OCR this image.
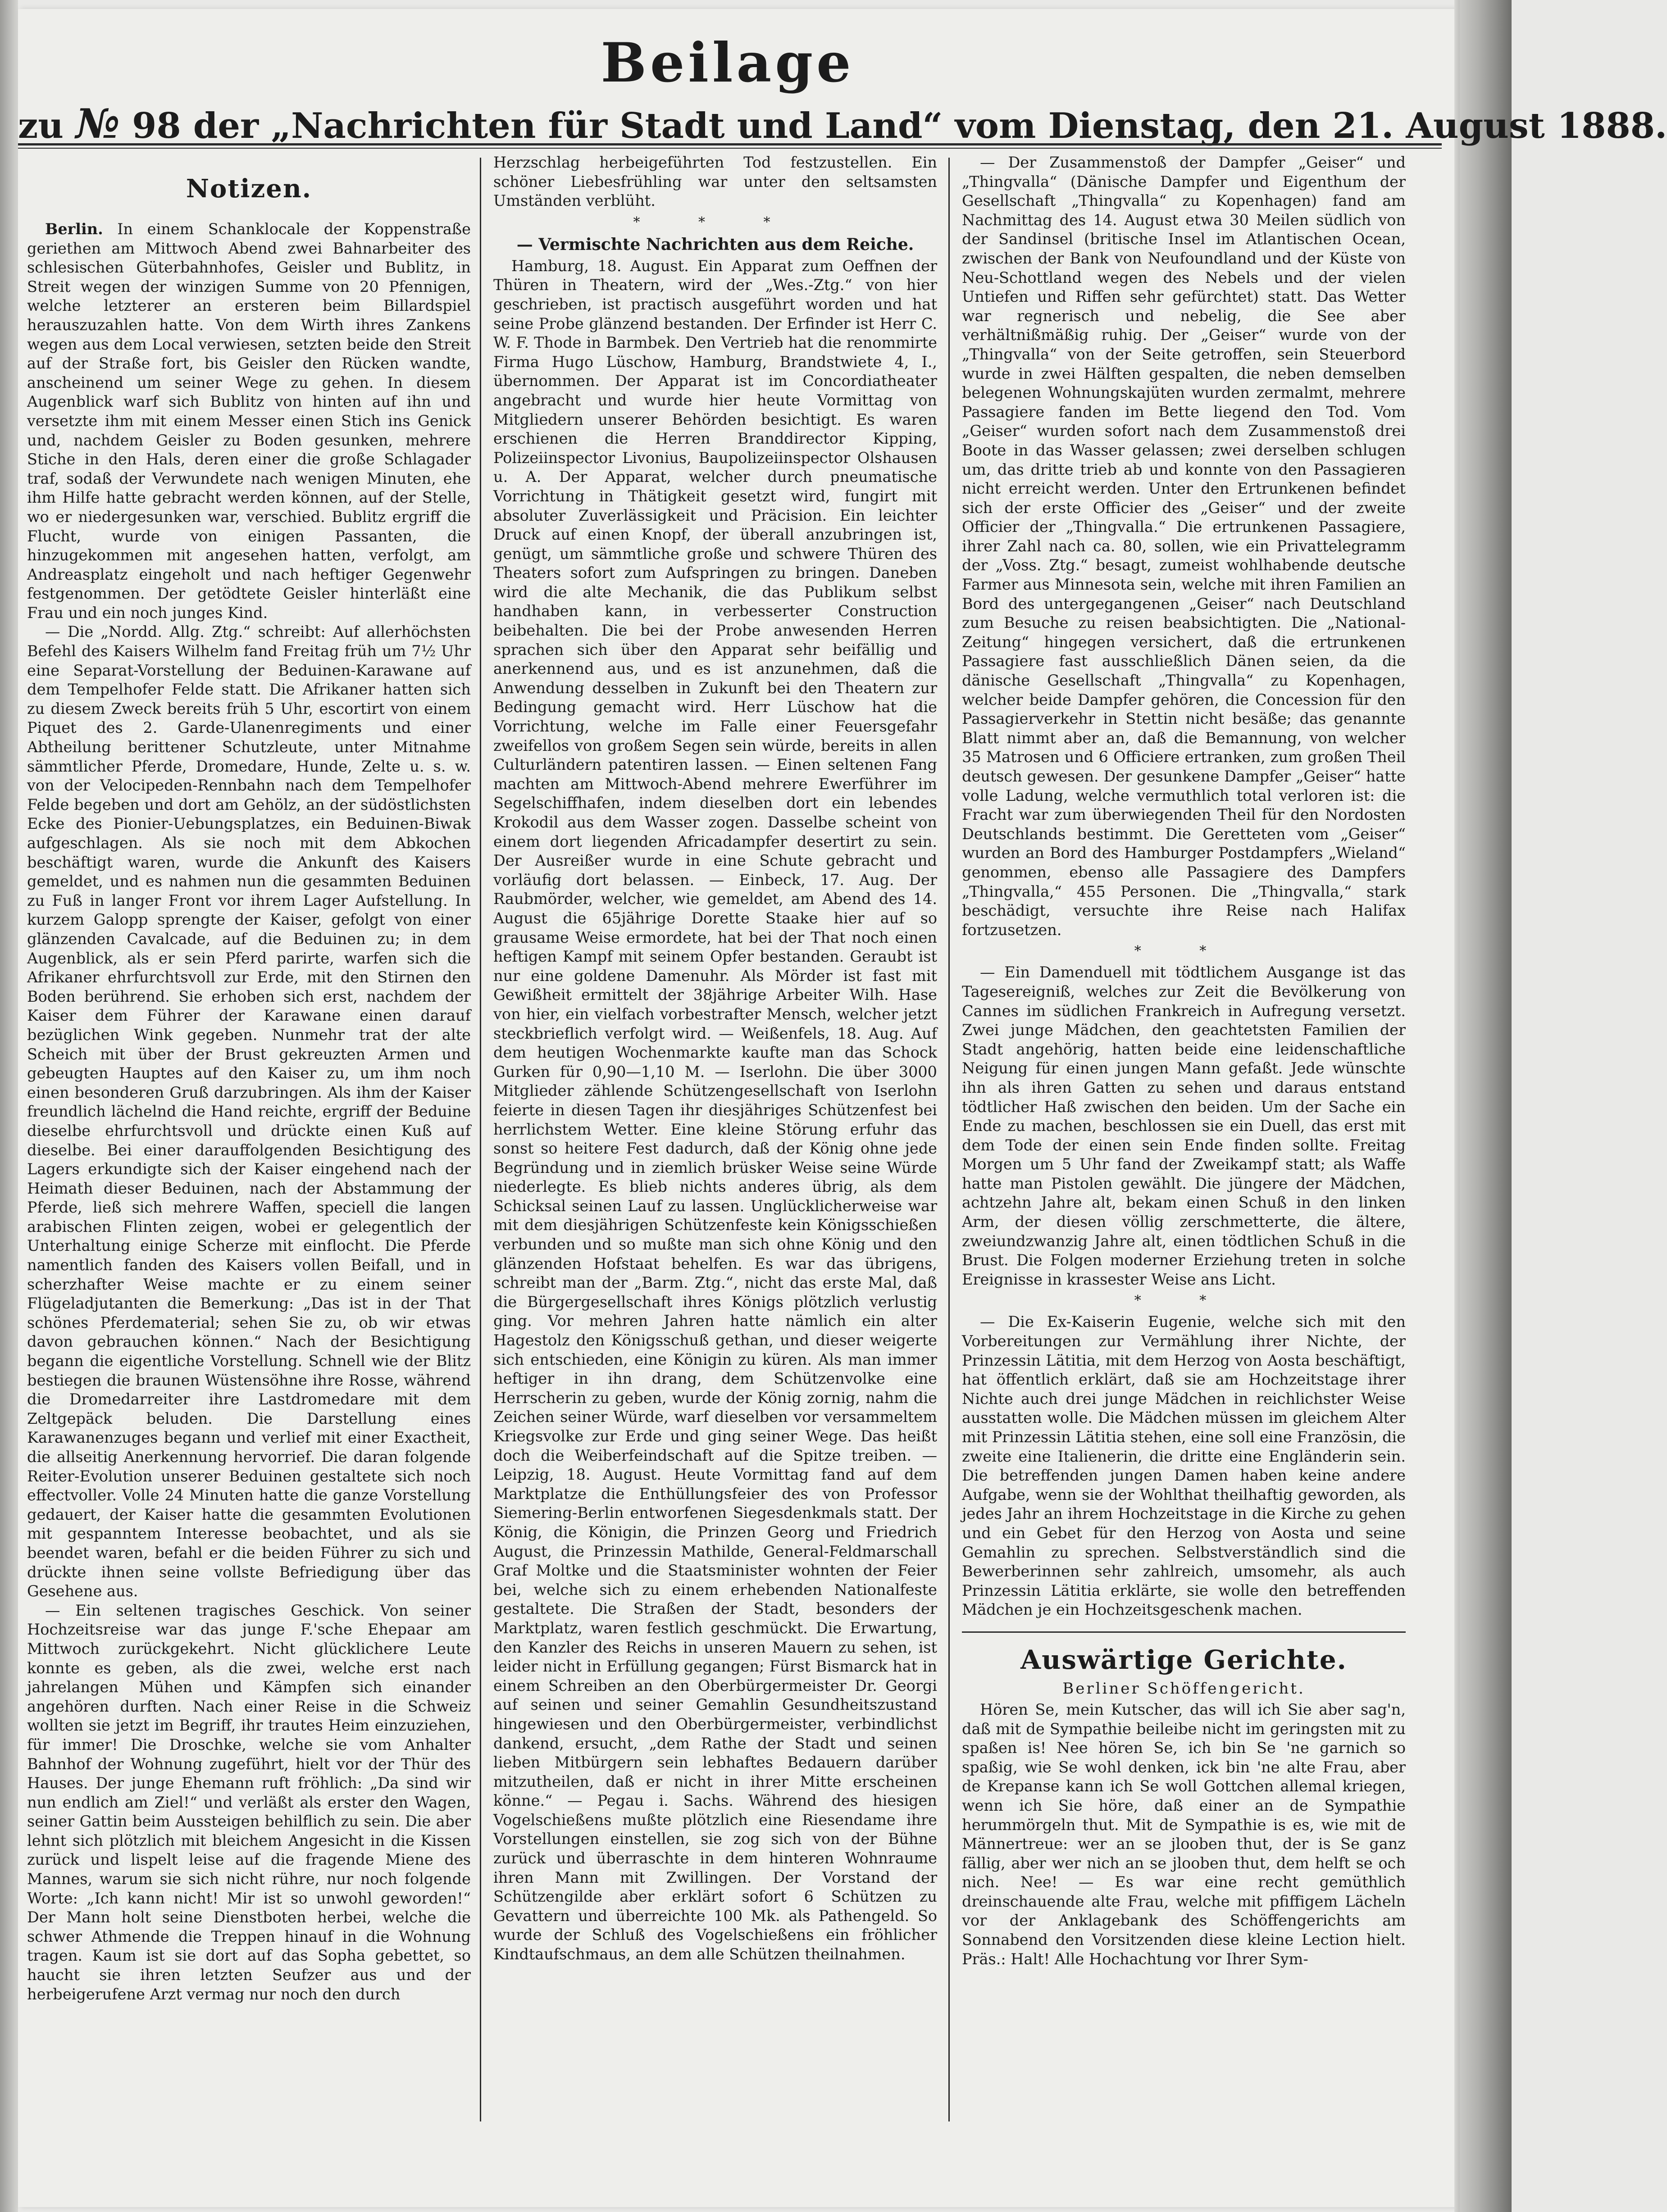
Beilage
zu № 98 der „Nachrichten für Stadt und Land“ vom Dienstag, den 21. August 1888.
Notizen.

Berlin. In einem Schanklocale der Koppenstraße geriethen am Mittwoch Abend zwei Bahnarbeiter des schlesischen Güterbahnhofes, Geisler und Bublitz, in Streit wegen der winzigen Summe von 20 Pfennigen, welche letzterer an ersteren beim Billardspiel herauszuzahlen hatte. Von dem Wirth ihres Zankens wegen aus dem Local verwiesen, setzten beide den Streit auf der Straße fort, bis Geisler den Rücken wandte, anscheinend um seiner Wege zu gehen. In diesem Augenblick warf sich Bublitz von hinten auf ihn und versetzte ihm mit einem Messer einen Stich ins Genick und, nachdem Geisler zu Boden gesunken, mehrere Stiche in den Hals, deren einer die große Schlagader traf, sodaß der Verwundete nach wenigen Minuten, ehe ihm Hilfe hatte gebracht werden können, auf der Stelle, wo er niedergesunken war, verschied. Bublitz ergriff die Flucht, wurde von einigen Passanten, die hinzugekommen mit angesehen hatten, verfolgt, am Andreasplatz eingeholt und nach heftiger Gegenwehr festgenommen. Der getödtete Geisler hinterläßt eine Frau und ein noch junges Kind.

— Die „Nordd. Allg. Ztg.“ schreibt: Auf allerhöchsten Befehl des Kaisers Wilhelm fand Freitag früh um 7½ Uhr eine Separat-Vorstellung der Beduinen-Karawane auf dem Tempelhofer Felde statt. Die Afrikaner hatten sich zu diesem Zweck bereits früh 5 Uhr, escortirt von einem Piquet des 2. Garde-Ulanenregiments und einer Abtheilung berittener Schutzleute, unter Mitnahme sämmtlicher Pferde, Dromedare, Hunde, Zelte u. s. w. von der Velocipeden-Rennbahn nach dem Tempelhofer Felde begeben und dort am Gehölz, an der südöstlichsten Ecke des Pionier-Uebungsplatzes, ein Beduinen-Biwak aufgeschlagen. Als sie noch mit dem Abkochen beschäftigt waren, wurde die Ankunft des Kaisers gemeldet, und es nahmen nun die gesammten Beduinen zu Fuß in langer Front vor ihrem Lager Aufstellung. In kurzem Galopp sprengte der Kaiser, gefolgt von einer glänzenden Cavalcade, auf die Beduinen zu; in dem Augenblick, als er sein Pferd parirte, warfen sich die Afrikaner ehrfurchtsvoll zur Erde, mit den Stirnen den Boden berührend. Sie erhoben sich erst, nachdem der Kaiser dem Führer der Karawane einen darauf bezüglichen Wink gegeben. Nunmehr trat der alte Scheich mit über der Brust gekreuzten Armen und gebeugten Hauptes auf den Kaiser zu, um ihm noch einen besonderen Gruß darzubringen. Als ihm der Kaiser freundlich lächelnd die Hand reichte, ergriff der Beduine dieselbe ehrfurchtsvoll und drückte einen Kuß auf dieselbe. Bei einer darauffolgenden Besichtigung des Lagers erkundigte sich der Kaiser eingehend nach der Heimath dieser Beduinen, nach der Abstammung der Pferde, ließ sich mehrere Waffen, speciell die langen arabischen Flinten zeigen, wobei er gelegentlich der Unterhaltung einige Scherze mit einflocht. Die Pferde namentlich fanden des Kaisers vollen Beifall, und in scherzhafter Weise machte er zu einem seiner Flügeladjutanten die Bemerkung: „Das ist in der That schönes Pferdematerial; sehen Sie zu, ob wir etwas davon gebrauchen können.“ Nach der Besichtigung begann die eigentliche Vorstellung. Schnell wie der Blitz bestiegen die braunen Wüstensöhne ihre Rosse, während die Dromedarreiter ihre Lastdromedare mit dem Zeltgepäck beluden. Die Darstellung eines Karawanenzuges begann und verlief mit einer Exactheit, die allseitig Anerkennung hervorrief. Die daran folgende Reiter-Evolution unserer Beduinen gestaltete sich noch effectvoller. Volle 24 Minuten hatte die ganze Vorstellung gedauert, der Kaiser hatte die gesammten Evolutionen mit gespanntem Interesse beobachtet, und als sie beendet waren, befahl er die beiden Führer zu sich und drückte ihnen seine vollste Befriedigung über das Gesehene aus.

— Ein seltenen tragisches Geschick. Von seiner Hochzeitsreise war das junge F.'sche Ehepaar am Mittwoch zurückgekehrt. Nicht glücklichere Leute konnte es geben, als die zwei, welche erst nach jahrelangen Mühen und Kämpfen sich einander angehören durften. Nach einer Reise in die Schweiz wollten sie jetzt im Begriff, ihr trautes Heim einzuziehen, für immer! Die Droschke, welche sie vom Anhalter Bahnhof der Wohnung zugeführt, hielt vor der Thür des Hauses. Der junge Ehemann ruft fröhlich: „Da sind wir nun endlich am Ziel!“ und verläßt als erster den Wagen, seiner Gattin beim Aussteigen behilflich zu sein. Die aber lehnt sich plötzlich mit bleichem Angesicht in die Kissen zurück und lispelt leise auf die fragende Miene des Mannes, warum sie sich nicht rühre, nur noch folgende Worte: „Ich kann nicht! Mir ist so unwohl geworden!“ Der Mann holt seine Dienstboten herbei, welche die schwer Athmende die Treppen hinauf in die Wohnung tragen. Kaum ist sie dort auf das Sopha gebettet, so haucht sie ihren letzten Seufzer aus und der herbeigerufene Arzt vermag nur noch den durch

Herzschlag herbeigeführten Tod festzustellen. Ein schöner Liebesfrühling war unter den seltsamsten Umständen verblüht.

* * *
— Vermischte Nachrichten aus dem Reiche.

Hamburg, 18. August. Ein Apparat zum Oeffnen der Thüren in Theatern, wird der „Wes.-Ztg.“ von hier geschrieben, ist practisch ausgeführt worden und hat seine Probe glänzend bestanden. Der Erfinder ist Herr C. W. F. Thode in Barmbek. Den Vertrieb hat die renommirte Firma Hugo Lüschow, Hamburg, Brandstwiete 4, I., übernommen. Der Apparat ist im Concordiatheater angebracht und wurde hier heute Vormittag von Mitgliedern unserer Behörden besichtigt. Es waren erschienen die Herren Branddirector Kipping, Polizeiinspector Livonius, Baupolizeiinspector Olshausen u. A. Der Apparat, welcher durch pneumatische Vorrichtung in Thätigkeit gesetzt wird, fungirt mit absoluter Zuverlässigkeit und Präcision. Ein leichter Druck auf einen Knopf, der überall anzubringen ist, genügt, um sämmtliche große und schwere Thüren des Theaters sofort zum Aufspringen zu bringen. Daneben wird die alte Mechanik, die das Publikum selbst handhaben kann, in verbesserter Construction beibehalten. Die bei der Probe anwesenden Herren sprachen sich über den Apparat sehr beifällig und anerkennend aus, und es ist anzunehmen, daß die Anwendung desselben in Zukunft bei den Theatern zur Bedingung gemacht wird. Herr Lüschow hat die Vorrichtung, welche im Falle einer Feuersgefahr zweifellos von großem Segen sein würde, bereits in allen Culturländern patentiren lassen. — Einen seltenen Fang machten am Mittwoch-Abend mehrere Ewerführer im Segelschiffhafen, indem dieselben dort ein lebendes Krokodil aus dem Wasser zogen. Dasselbe scheint von einem dort liegenden Africadampfer desertirt zu sein. Der Ausreißer wurde in eine Schute gebracht und vorläufig dort belassen. — Einbeck, 17. Aug. Der Raubmörder, welcher, wie gemeldet, am Abend des 14. August die 65jährige Dorette Staake hier auf so grausame Weise ermordete, hat bei der That noch einen heftigen Kampf mit seinem Opfer bestanden. Geraubt ist nur eine goldene Damenuhr. Als Mörder ist fast mit Gewißheit ermittelt der 38jährige Arbeiter Wilh. Hase von hier, ein vielfach vorbestrafter Mensch, welcher jetzt steckbrieflich verfolgt wird. — Weißenfels, 18. Aug. Auf dem heutigen Wochenmarkte kaufte man das Schock Gurken für 0,90—1,10 M. — Iserlohn. Die über 3000 Mitglieder zählende Schützengesellschaft von Iserlohn feierte in diesen Tagen ihr diesjähriges Schützenfest bei herrlichstem Wetter. Eine kleine Störung erfuhr das sonst so heitere Fest dadurch, daß der König ohne jede Begründung und in ziemlich brüsker Weise seine Würde niederlegte. Es blieb nichts anderes übrig, als dem Schicksal seinen Lauf zu lassen. Unglücklicherweise war mit dem diesjährigen Schützenfeste kein Königsschießen verbunden und so mußte man sich ohne König und den glänzenden Hofstaat behelfen. Es war das übrigens, schreibt man der „Barm. Ztg.“, nicht das erste Mal, daß die Bürgergesellschaft ihres Königs plötzlich verlustig ging. Vor mehren Jahren hatte nämlich ein alter Hagestolz den Königsschuß gethan, und dieser weigerte sich entschieden, eine Königin zu küren. Als man immer heftiger in ihn drang, dem Schützenvolke eine Herrscherin zu geben, wurde der König zornig, nahm die Zeichen seiner Würde, warf dieselben vor versammeltem Kriegsvolke zur Erde und ging seiner Wege. Das heißt doch die Weiberfeindschaft auf die Spitze treiben. — Leipzig, 18. August. Heute Vormittag fand auf dem Marktplatze die Enthüllungsfeier des von Professor Siemering-Berlin entworfenen Siegesdenkmals statt. Der König, die Königin, die Prinzen Georg und Friedrich August, die Prinzessin Mathilde, General-Feldmarschall Graf Moltke und die Staatsminister wohnten der Feier bei, welche sich zu einem erhebenden Nationalfeste gestaltete. Die Straßen der Stadt, besonders der Marktplatz, waren festlich geschmückt. Die Erwartung, den Kanzler des Reichs in unseren Mauern zu sehen, ist leider nicht in Erfüllung gegangen; Fürst Bismarck hat in einem Schreiben an den Oberbürgermeister Dr. Georgi auf seinen und seiner Gemahlin Gesundheitszustand hingewiesen und den Oberbürgermeister, verbindlichst dankend, ersucht, „dem Rathe der Stadt und seinen lieben Mitbürgern sein lebhaftes Bedauern darüber mitzutheilen, daß er nicht in ihrer Mitte erscheinen könne.“ — Pegau i. Sachs. Während des hiesigen Vogelschießens mußte plötzlich eine Riesendame ihre Vorstellungen einstellen, sie zog sich von der Bühne zurück und überraschte in dem hinteren Wohnraume ihren Mann mit Zwillingen. Der Vorstand der Schützengilde aber erklärt sofort 6 Schützen zu Gevattern und überreichte 100 Mk. als Pathengeld. So wurde der Schluß des Vogelschießens ein fröhlicher Kindtaufschmaus, an dem alle Schützen theilnahmen.

— Der Zusammenstoß der Dampfer „Geiser“ und „Thingvalla“ (Dänische Dampfer und Eigenthum der Gesellschaft „Thingvalla“ zu Kopenhagen) fand am Nachmittag des 14. August etwa 30 Meilen südlich von der Sandinsel (britische Insel im Atlantischen Ocean, zwischen der Bank von Neufoundland und der Küste von Neu-Schottland wegen des Nebels und der vielen Untiefen und Riffen sehr gefürchtet) statt. Das Wetter war regnerisch und nebelig, die See aber verhältnißmäßig ruhig. Der „Geiser“ wurde von der „Thingvalla“ von der Seite getroffen, sein Steuerbord wurde in zwei Hälften gespalten, die neben demselben belegenen Wohnungskajüten wurden zermalmt, mehrere Passagiere fanden im Bette liegend den Tod. Vom „Geiser“ wurden sofort nach dem Zusammenstoß drei Boote in das Wasser gelassen; zwei derselben schlugen um, das dritte trieb ab und konnte von den Passagieren nicht erreicht werden. Unter den Ertrunkenen befindet sich der erste Officier des „Geiser“ und der zweite Officier der „Thingvalla.“ Die ertrunkenen Passagiere, ihrer Zahl nach ca. 80, sollen, wie ein Privattelegramm der „Voss. Ztg.“ besagt, zumeist wohlhabende deutsche Farmer aus Minnesota sein, welche mit ihren Familien an Bord des untergegangenen „Geiser“ nach Deutschland zum Besuche zu reisen beabsichtigten. Die „National-Zeitung“ hingegen versichert, daß die ertrunkenen Passagiere fast ausschließlich Dänen seien, da die dänische Gesellschaft „Thingvalla“ zu Kopenhagen, welcher beide Dampfer gehören, die Concession für den Passagierverkehr in Stettin nicht besäße; das genannte Blatt nimmt aber an, daß die Bemannung, von welcher 35 Matrosen und 6 Officiere ertranken, zum großen Theil deutsch gewesen. Der gesunkene Dampfer „Geiser“ hatte volle Ladung, welche vermuthlich total verloren ist: die Fracht war zum überwiegenden Theil für den Nordosten Deutschlands bestimmt. Die Geretteten vom „Geiser“ wurden an Bord des Hamburger Postdampfers „Wieland“ genommen, ebenso alle Passagiere des Dampfers „Thingvalla,“ 455 Personen. Die „Thingvalla,“ stark beschädigt, versuchte ihre Reise nach Halifax fortzusetzen.

* *

— Ein Damenduell mit tödtlichem Ausgange ist das Tagesereigniß, welches zur Zeit die Bevölkerung von Cannes im südlichen Frankreich in Aufregung versetzt. Zwei junge Mädchen, den geachtetsten Familien der Stadt angehörig, hatten beide eine leidenschaftliche Neigung für einen jungen Mann gefaßt. Jede wünschte ihn als ihren Gatten zu sehen und daraus entstand tödtlicher Haß zwischen den beiden. Um der Sache ein Ende zu machen, beschlossen sie ein Duell, das erst mit dem Tode der einen sein Ende finden sollte. Freitag Morgen um 5 Uhr fand der Zweikampf statt; als Waffe hatte man Pistolen gewählt. Die jüngere der Mädchen, achtzehn Jahre alt, bekam einen Schuß in den linken Arm, der diesen völlig zerschmetterte, die ältere, zweiundzwanzig Jahre alt, einen tödtlichen Schuß in die Brust. Die Folgen moderner Erziehung treten in solche Ereignisse in krassester Weise ans Licht.

* *

— Die Ex-Kaiserin Eugenie, welche sich mit den Vorbereitungen zur Vermählung ihrer Nichte, der Prinzessin Lätitia, mit dem Herzog von Aosta beschäftigt, hat öffentlich erklärt, daß sie am Hochzeitstage ihrer Nichte auch drei junge Mädchen in reichlichster Weise ausstatten wolle. Die Mädchen müssen im gleichem Alter mit Prinzessin Lätitia stehen, eine soll eine Französin, die zweite eine Italienerin, die dritte eine Engländerin sein. Die betreffenden jungen Damen haben keine andere Aufgabe, wenn sie der Wohlthat theilhaftig geworden, als jedes Jahr an ihrem Hochzeitstage in die Kirche zu gehen und ein Gebet für den Herzog von Aosta und seine Gemahlin zu sprechen. Selbstverständlich sind die Bewerberinnen sehr zahlreich, umsomehr, als auch Prinzessin Lätitia erklärte, sie wolle den betreffenden Mädchen je ein Hochzeitsgeschenk machen.

Auswärtige Gerichte.
Berliner Schöffengericht.

Hören Se, mein Kutscher, das will ich Sie aber sag'n, daß mit de Sympathie beileibe nicht im geringsten mit zu spaßen is! Nee hören Se, ich bin Se 'ne garnich so spaßig, wie Se wohl denken, ick bin 'ne alte Frau, aber de Krepanse kann ich Se woll Gottchen allemal kriegen, wenn ich Sie höre, daß einer an de Sympathie herummörgeln thut. Mit de Sympathie is es, wie mit de Männertreue: wer an se jlooben thut, der is Se ganz fällig, aber wer nich an se jlooben thut, dem helft se och nich. Nee! — Es war eine recht gemüthlich dreinschauende alte Frau, welche mit pfiffigem Lächeln vor der Anklagebank des Schöffengerichts am Sonnabend den Vorsitzenden diese kleine Lection hielt. Präs.: Halt! Alle Hochachtung vor Ihrer Sym-
